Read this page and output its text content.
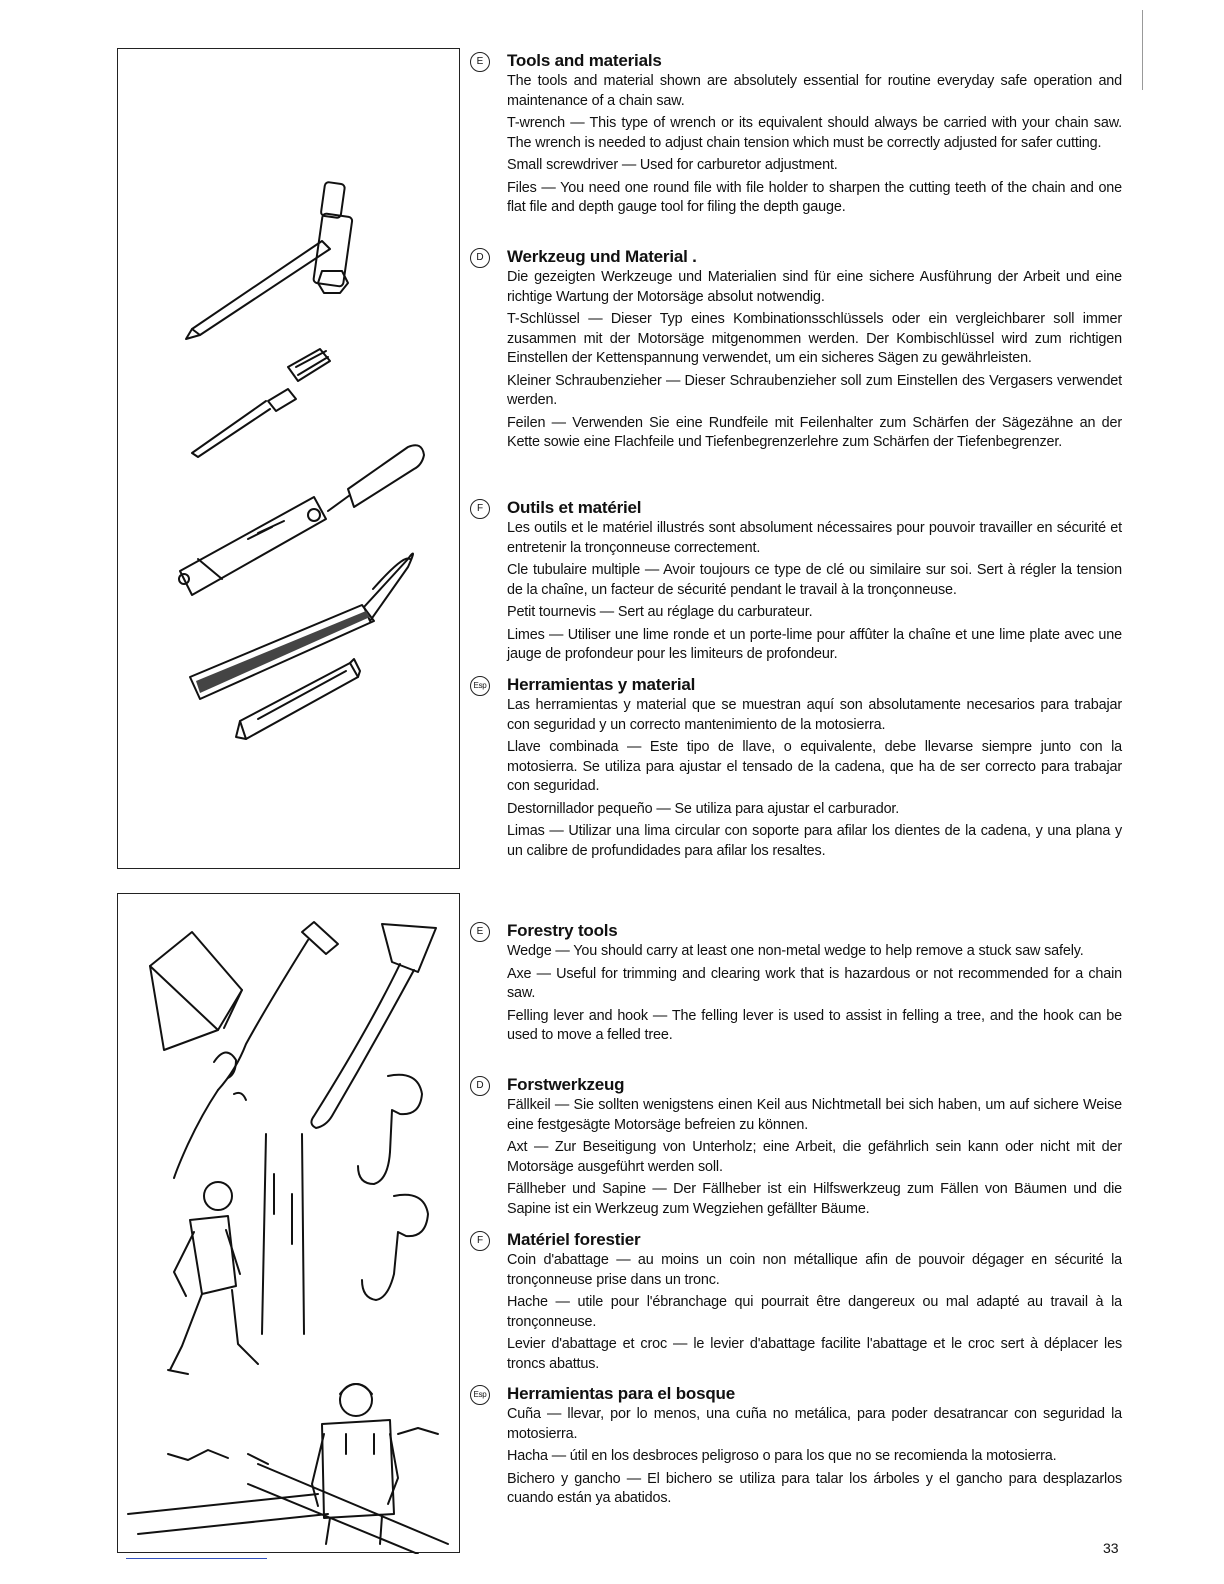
E	Tools and materials

The tools and material shown are absolutely essential for routine everyday safe operation and maintenance of a chain saw.

T-wrench — This type of wrench or its equivalent should always be carried with your chain saw. The wrench is needed to adjust chain tension which must be correctly adjusted for safer cutting.

Small screwdriver — Used for carburetor adjustment.

Files — You need one round file with file holder to sharpen the cutting teeth of the chain and one flat file and depth gauge tool for filing the depth gauge.

D	Werkzeug und Material .

Die gezeigten Werkzeuge und Materialien sind für eine sichere Ausführung der Arbeit und eine richtige Wartung der Motorsäge absolut notwendig.

T-Schlüssel — Dieser Typ eines Kombinationsschlüssels oder ein vergleichbarer soll immer zusammen mit der Motorsäge mitgenommen werden. Der Kombischlüssel wird zum richtigen Einstellen der Kettenspannung verwendet, um ein sicheres Sägen zu gewährleisten.

Kleiner Schraubenzieher — Dieser Schraubenzieher soll zum Einstellen des Vergasers verwendet werden.

Feilen — Verwenden Sie eine Rundfeile mit Feilenhalter zum Schärfen der Sägezähne an der Kette sowie eine Flachfeile und Tiefenbegrenzerlehre zum Schärfen der Tiefenbegrenzer.

F	Outils et matériel

Les outils et le matériel illustrés sont absolument nécessaires pour pouvoir travailler en sécurité et entretenir la tronçonneuse correctement.

Cle tubulaire multiple — Avoir toujours ce type de clé ou similaire sur soi. Sert à régler la tension de la chaîne, un facteur de sécurité pendant le travail à la tronçonneuse.

Petit tournevis — Sert au réglage du carburateur.

Limes — Utiliser une lime ronde et un porte-lime pour affûter la chaîne et une lime plate avec une jauge de profondeur pour les limiteurs de profondeur.

Esp Herramientas y material

Las herramientas y material que se muestran aquí son absolutamente necesarios para trabajar con seguridad y un correcto mantenimiento de la motosierra.

Llave combinada — Este tipo de llave, o equivalente, debe llevarse siempre junto con la motosierra. Se utiliza para ajustar el tensado de la cadena, que ha de ser correcto para trabajar con seguridad.

Destornillador pequeño — Se utiliza para ajustar el carburador.

Limas — Utilizar una lima circular con soporte para afilar los dientes de la cadena, y una plana y un calibre de profundidades para afilar los resaltes.

E	Forestry tools

Wedge — You should carry at least one non-metal wedge to help remove a stuck saw safely.

Axe — Useful for trimming and clearing work that is hazardous or not recommended for a chain saw.

Felling lever and hook — The felling lever is used to assist in felling a tree, and the hook can be used to move a felled tree.

D	Forstwerkzeug

Fällkeil — Sie sollten wenigstens einen Keil aus Nichtmetall bei sich haben, um auf sichere Weise eine festgesägte Motorsäge befreien zu können.

Axt — Zur Beseitigung von Unterholz; eine Arbeit, die gefährlich sein kann oder nicht mit der Motorsäge ausgeführt werden soll.

Fällheber und Sapine — Der Fällheber ist ein Hilfswerkzeug zum Fällen von Bäumen und die Sapine ist ein Werkzeug zum Wegziehen gefällter Bäume.

F	Matériel forestier

Coin d'abattage — au moins un coin non métallique afin de pouvoir dégager en sécurité la tronçonneuse prise dans un tronc.

Hache — utile pour l'ébranchage qui pourrait être dangereux ou mal adapté au travail à la tronçonneuse.

Levier d'abattage et croc — le levier d'abattage facilite l'abattage et le croc sert à déplacer les troncs abattus.

Esp Herramientas para el bosque

Cuña — llevar, por lo menos, una cuña no metálica, para poder desatrancar con seguridad la motosierra.

Hacha — útil en los desbroces peligroso o para los que no se recomienda la motosierra.

Bichero y gancho — El bichero se utiliza para talar los árboles y el gancho para desplazarlos cuando están ya abatidos.

33
